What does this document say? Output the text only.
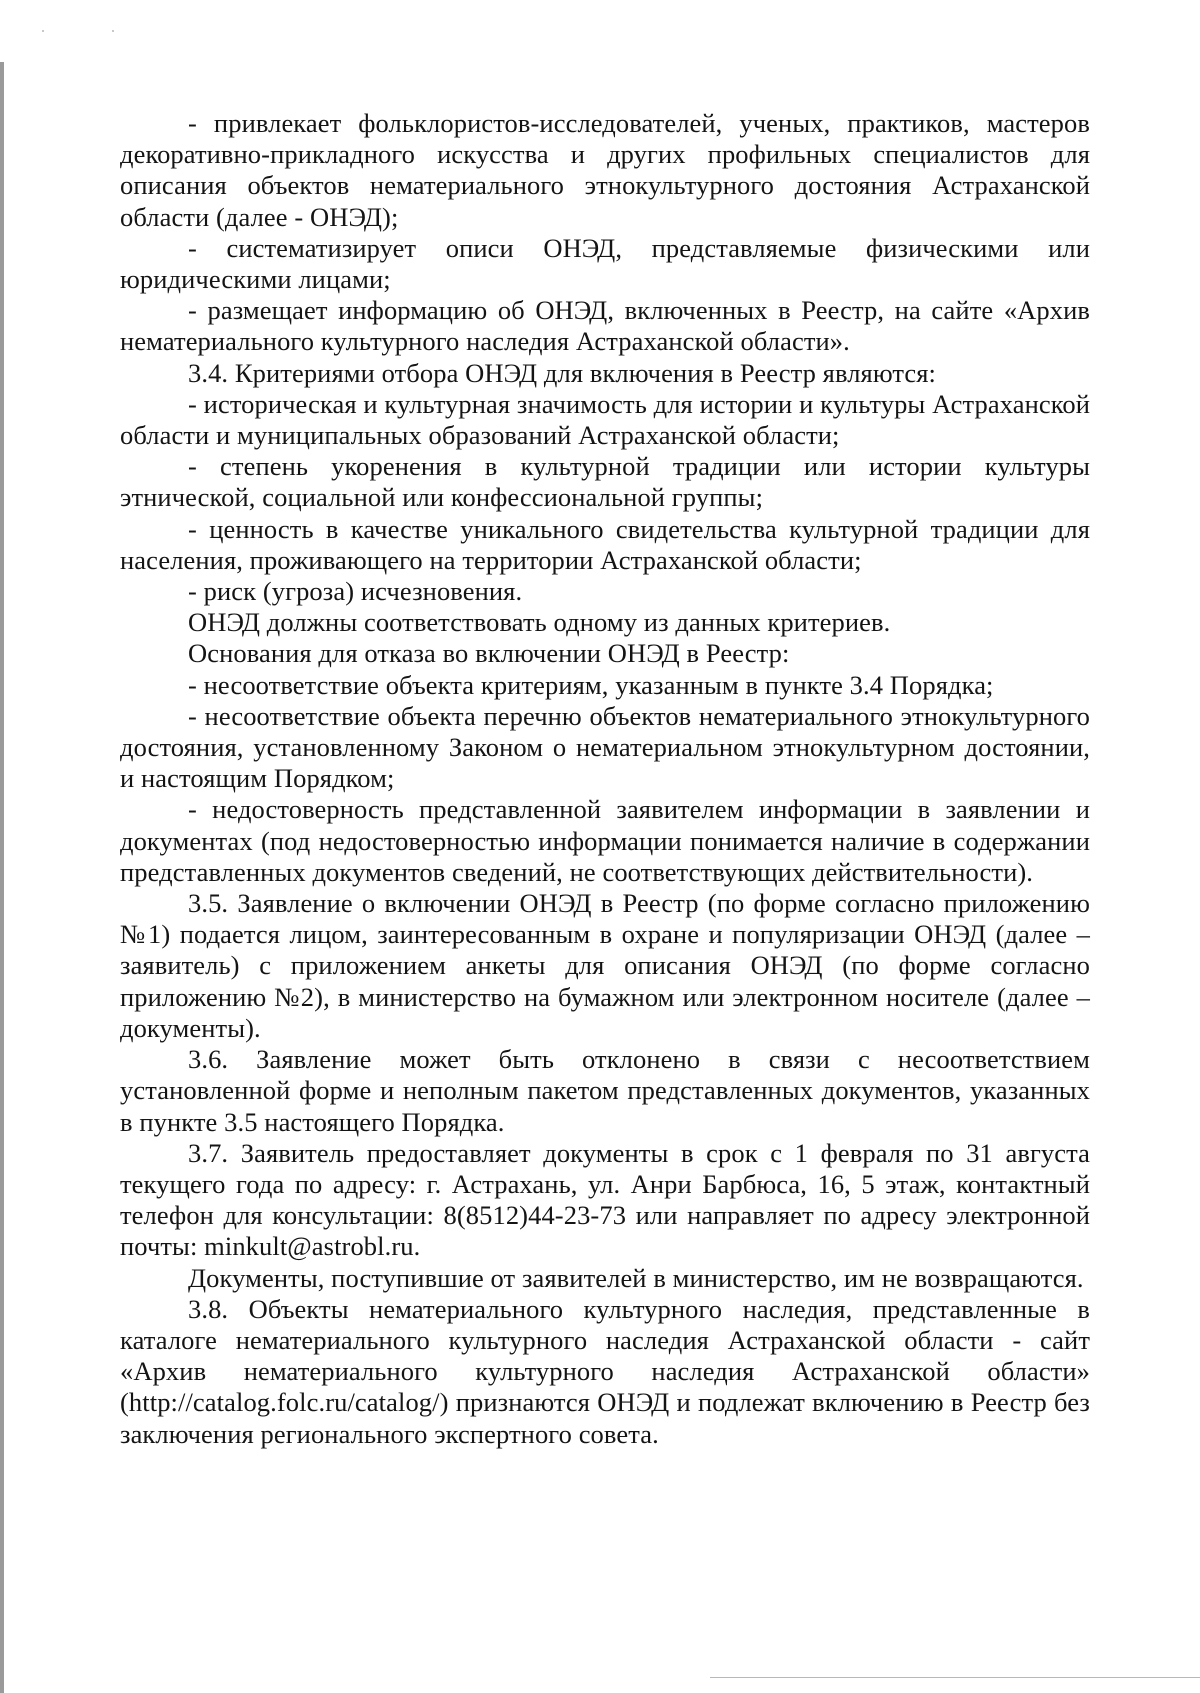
- привлекает фольклористов-исследователей, ученых, практиков, мастеров декоративно-прикладного искусства и других профильных специалистов для описания объектов нематериального этнокультурного достояния Астраханской области (далее - ОНЭД);

- систематизирует описи ОНЭД, представляемые физическими или юридическими лицами;

- размещает информацию об ОНЭД, включенных в Реестр, на сайте «Архив нематериального культурного наследия Астраханской области».

3.4. Критериями отбора ОНЭД для включения в Реестр являются:

- историческая и культурная значимость для истории и культуры Астраханской области и муниципальных образований Астраханской области;

- степень укоренения в культурной традиции или истории культуры этнической, социальной или конфессиональной группы;

- ценность в качестве уникального свидетельства культурной традиции для населения, проживающего на территории Астраханской области;

- риск (угроза) исчезновения.

ОНЭД должны соответствовать одному из данных критериев.

Основания для отказа во включении ОНЭД в Реестр:

- несоответствие объекта критериям, указанным в пункте 3.4 Порядка;

- несоответствие объекта перечню объектов нематериального этнокультурного достояния, установленному Законом о нематериальном этнокультурном достоянии, и настоящим Порядком;

- недостоверность представленной заявителем информации в заявлении и документах (под недостоверностью информации понимается наличие в содержании представленных документов сведений, не соответствующих действительности).

3.5. Заявление о включении ОНЭД в Реестр (по форме согласно приложению №1) подается лицом, заинтересованным в охране и популяризации ОНЭД (далее – заявитель) с приложением анкеты для описания ОНЭД (по форме согласно приложению №2), в министерство на бумажном или электронном носителе (далее – документы).

3.6. Заявление может быть отклонено в связи с несоответствием установленной форме и неполным пакетом представленных документов, указанных в пункте 3.5 настоящего Порядка.

3.7. Заявитель предоставляет документы в срок с 1 февраля по 31 августа текущего года по адресу: г. Астрахань, ул. Анри Барбюса, 16, 5 этаж, контактный телефон для консультации: 8(8512)44-23-73 или направляет по адресу электронной почты: minkult@astrobl.ru.

Документы, поступившие от заявителей в министерство, им не возвращаются.

3.8. Объекты нематериального культурного наследия, представленные в каталоге нематериального культурного наследия Астраханской области - сайт «Архив нематериального культурного наследия Астраханской области» (http://catalog.folc.ru/catalog/) признаются ОНЭД и подлежат включению в Реестр без заключения регионального экспертного совета.
